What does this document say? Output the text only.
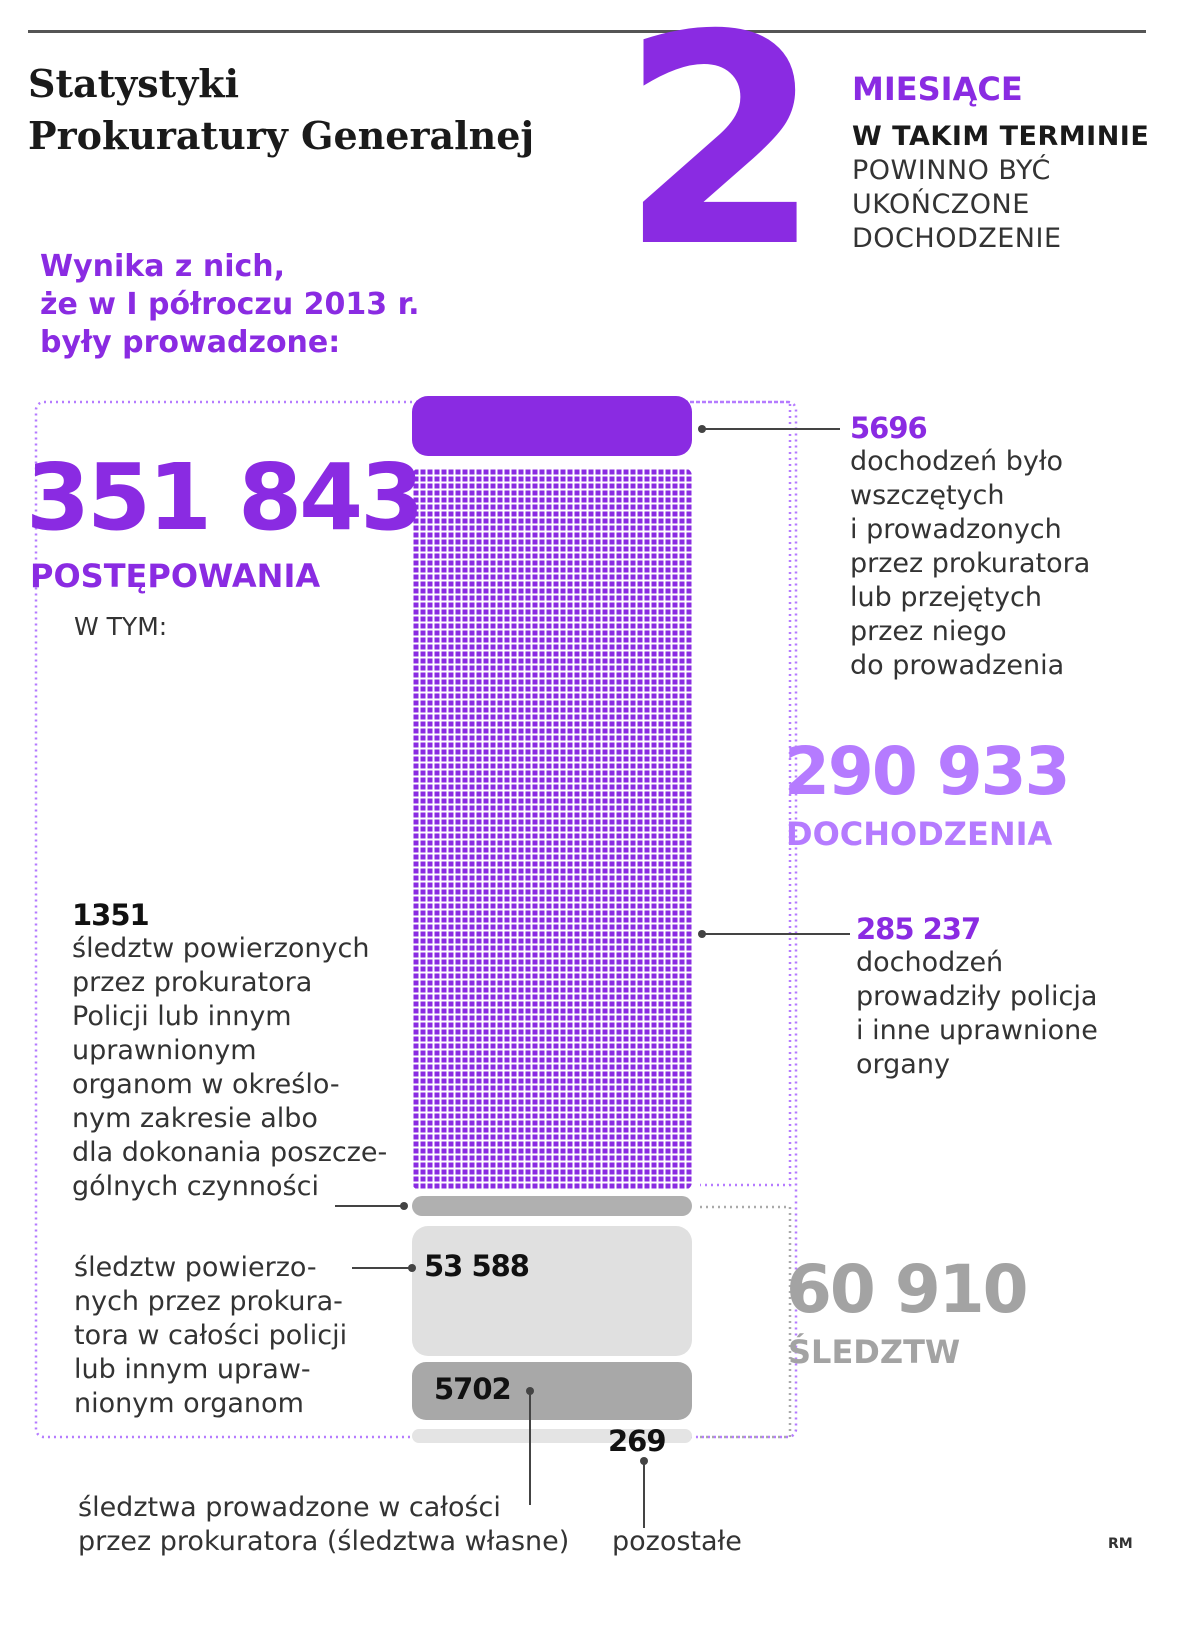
Statystyki
Prokuratury Generalnej 2 MIESIĄCE
W TAKIM TERMINIE
POWINNO BYĆ
UKOŃCZONE
DOCHODZENIE
Wynika z nich,
że w I półroczu 2013 r.
były prowadzone:
351 843
POSTĘPOWANIA
W TYM:
5696
dochodzeń było
wszczętych
i prowadzonych
przez prokuratora
lub przejętych
przez niego
do prowadzenia
290 933
DOCHODZENIA
285 237
dochodzeń
prowadziły policja
i inne uprawnione
organy
1351
śledztw powierzonych
przez prokuratora
Policji lub innym
uprawnionym
organom w określo-
nym zakresie albo
dla dokonania poszcze-
gólnych czynności
śledztw powierzo-
nych przez prokura-
tora w całości policji
lub innym upraw-
nionym organom
53 588
5702
269
60 910
ŚLEDZTW
śledztwa prowadzone w całości
przez prokuratora (śledztwa własne) pozostałe	RM
